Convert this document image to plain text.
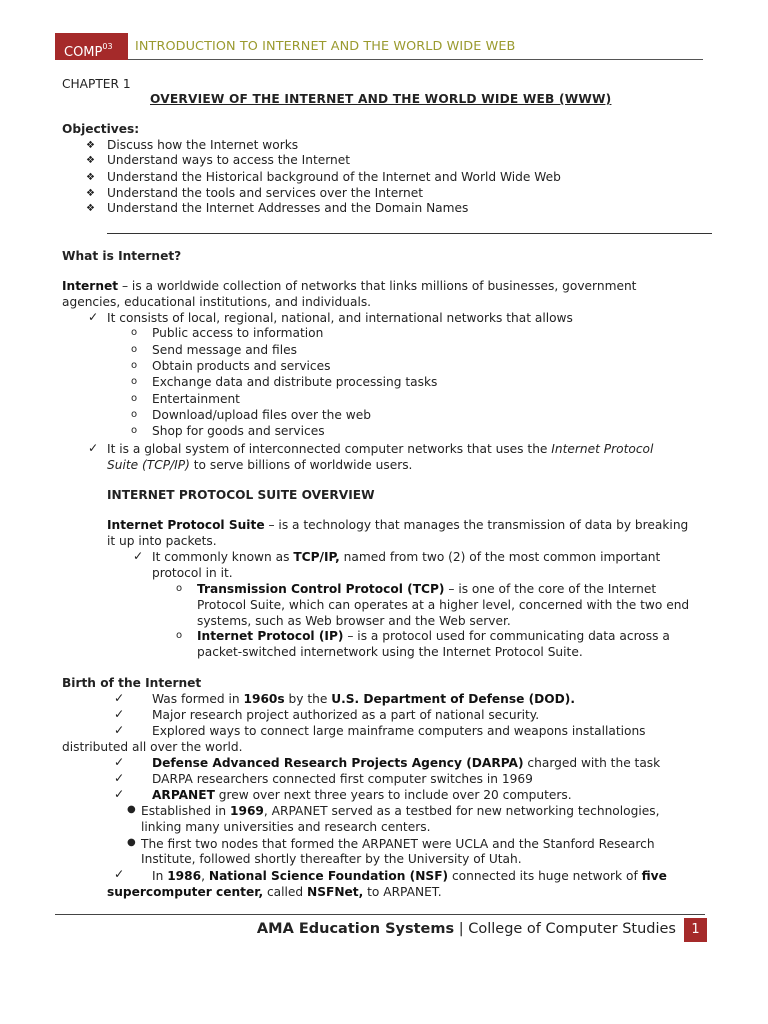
COMP$^{03}$	INTRODUCTION TO INTERNET AND THE WORLD WIDE WEB
CHAPTER 1
OVERVIEW OF THE INTERNET AND THE WORLD WIDE WEB (WWW)
Objectives:
❖ Discuss how the Internet works
❖ Understand ways to access the Internet
❖ Understand the Historical background of the Internet and World Wide Web
❖ Understand the tools and services over the Internet
❖ Understand the Internet Addresses and the Domain Names
What is Internet?
Internet – is a worldwide collection of networks that links millions of businesses, government
agencies, educational institutions, and individuals.
✓ It consists of local, regional, national, and international networks that allows
o Public access to information
o Send message and files
o Obtain products and services
o Exchange data and distribute processing tasks
o Entertainment
o Download/upload files over the web
o Shop for goods and services
✓ It is a global system of interconnected computer networks that uses the Internet Protocol
Suite (TCP/IP) to serve billions of worldwide users.
INTERNET PROTOCOL SUITE OVERVIEW
Internet Protocol Suite – is a technology that manages the transmission of data by breaking
it up into packets.
✓ It commonly known as TCP/IP, named from two (2) of the most common important
protocol in it.
o Transmission Control Protocol (TCP) – is one of the core of the Internet
Protocol Suite, which can operates at a higher level, concerned with the two end
systems, such as Web browser and the Web server.
o Internet Protocol (IP) – is a protocol used for communicating data across a
packet-switched internetwork using the Internet Protocol Suite.
Birth of the Internet
✓ Was formed in 1960s by the U.S. Department of Defense (DOD).
✓ Major research project authorized as a part of national security.
✓ Explored ways to connect large mainframe computers and weapons installations
distributed all over the world.
✓ Defense Advanced Research Projects Agency (DARPA) charged with the task
✓ DARPA researchers connected first computer switches in 1969
✓ ARPANET grew over next three years to include over 20 computers.
● Established in 1969, ARPANET served as a testbed for new networking technologies,
linking many universities and research centers.
● The first two nodes that formed the ARPANET were UCLA and the Stanford Research
Institute, followed shortly thereafter by the University of Utah.
✓ In 1986, National Science Foundation (NSF) connected its huge network of five
supercomputer center, called NSFNet, to ARPANET.
AMA Education Systems | College of Computer Studies	1
